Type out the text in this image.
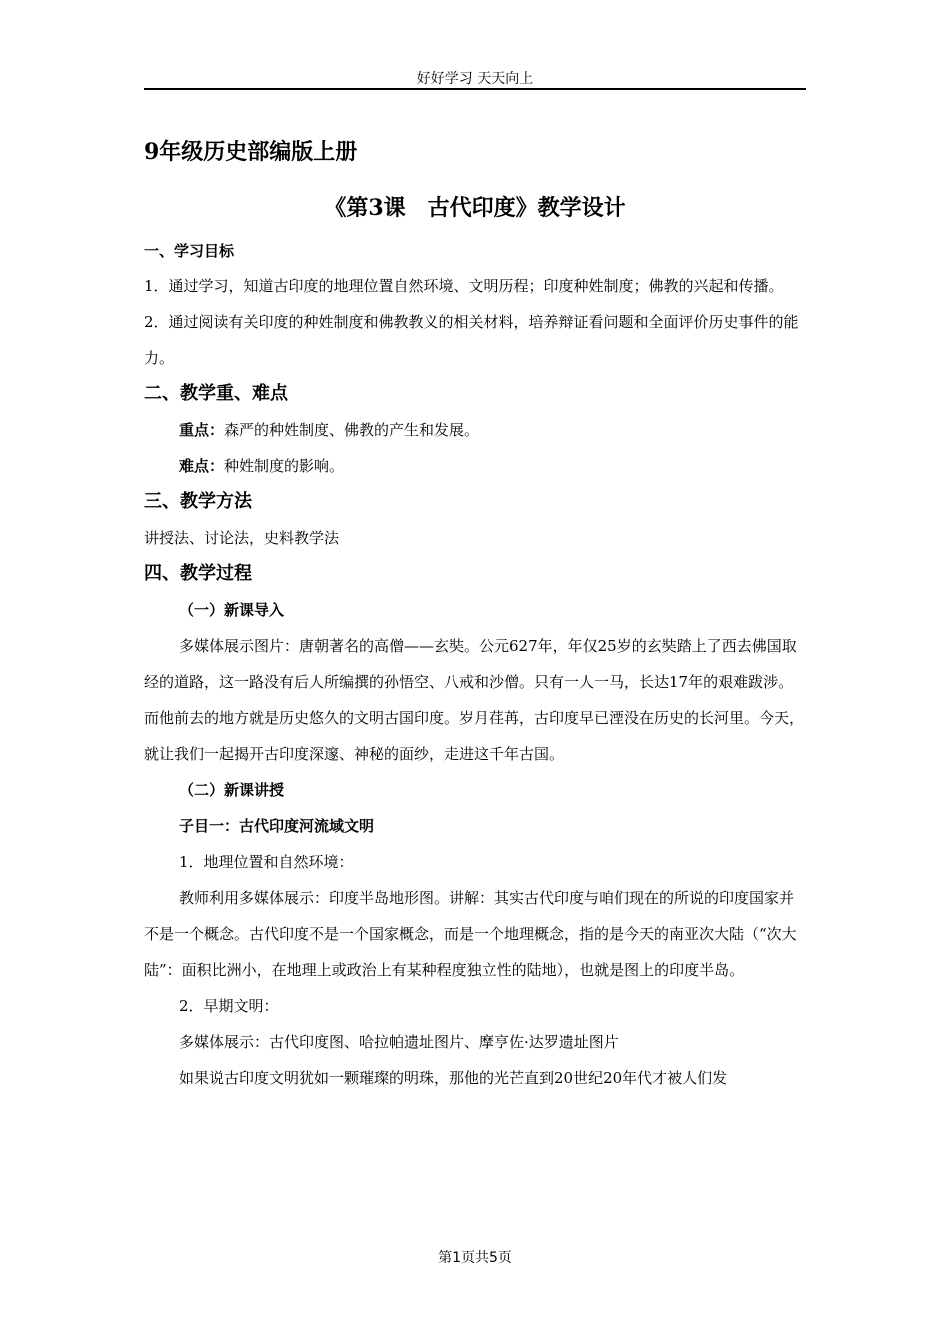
好好学习 天天向上

9年级历史部编版上册

《第3课　古代印度》教学设计

一、学习目标

1．通过学习，知道古印度的地理位置自然环境、文明历程；印度种姓制度；佛教的兴起和传播。

2．通过阅读有关印度的种姓制度和佛教教义的相关材料，培养辩证看问题和全面评价历史事件的能力。

二、教学重、难点

重点：森严的种姓制度、佛教的产生和发展。

难点：种姓制度的影响。

三、教学方法

讲授法、讨论法，史料教学法

四、教学过程

（一）新课导入

多媒体展示图片：唐朝著名的高僧——玄奘。公元627年，年仅25岁的玄奘踏上了西去佛国取经的道路，这一路没有后人所编撰的孙悟空、八戒和沙僧。只有一人一马，长达17年的艰难跋涉。而他前去的地方就是历史悠久的文明古国印度。岁月荏苒，古印度早已湮没在历史的长河里。今天，就让我们一起揭开古印度深邃、神秘的面纱，走进这千年古国。

（二）新课讲授

子目一：古代印度河流域文明

1．地理位置和自然环境：

教师利用多媒体展示：印度半岛地形图。讲解：其实古代印度与咱们现在的所说的印度国家并不是一个概念。古代印度不是一个国家概念，而是一个地理概念，指的是今天的南亚次大陆（“次大陆”：面积比洲小，在地理上或政治上有某种程度独立性的陆地），也就是图上的印度半岛。

2．早期文明：

多媒体展示：古代印度图、哈拉帕遗址图片、摩亨佐·达罗遗址图片

如果说古印度文明犹如一颗璀璨的明珠，那他的光芒直到20世纪20年代才被人们发

第1页共5页
